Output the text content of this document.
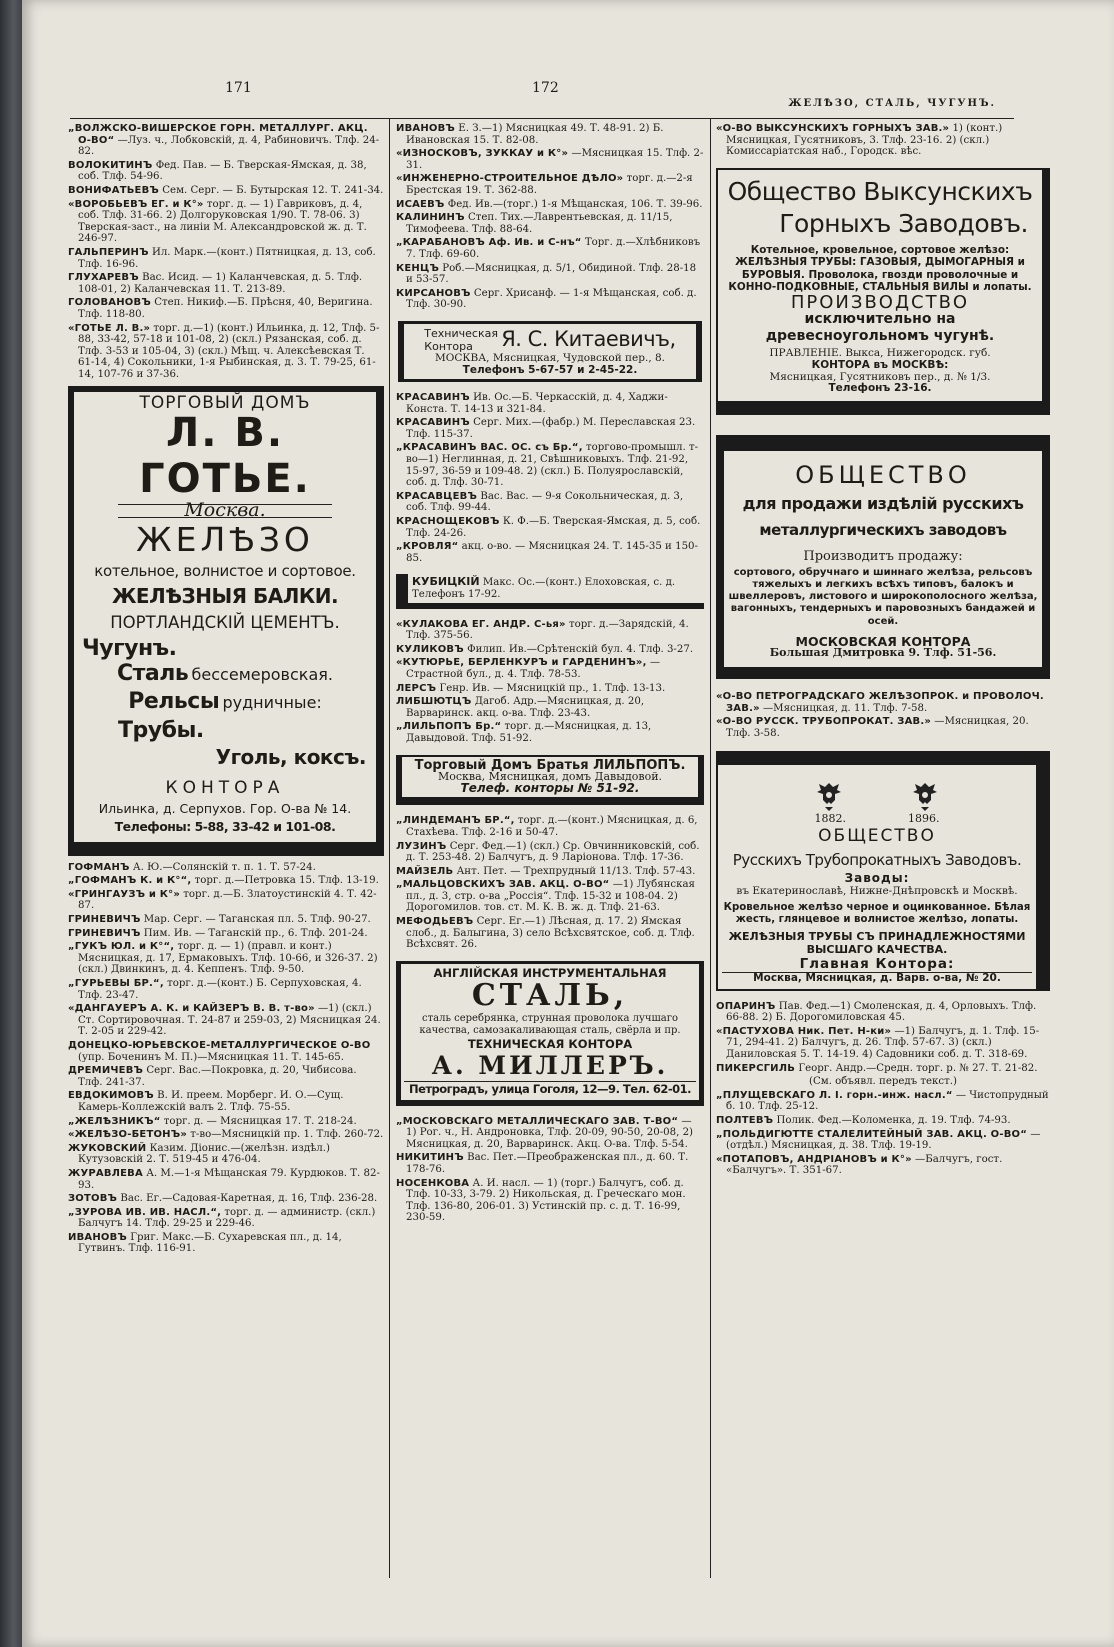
171	172
ЖЕЛѢЗО, СТАЛЬ, ЧУГУНЪ.

„ВОЛЖСКО-ВИШЕРСКОЕ ГОРН. МЕТАЛЛУРГ. АКЦ. О-ВО“ —Луз. ч., Лобковскій, д. 4, Рабиновичъ. Тлф. 24-82.

ВОЛОКИТИНЪ Фед. Пав. — Б. Тверская-Ямская, д. 38, соб. Тлф. 54-96.

ВОНИФАТЬЕВЪ Сем. Серг. — Б. Бутырская 12. Т. 241-34.

«ВОРОБЬЕВЪ ЕГ. и К°» торг. д. — 1) Гавриковъ, д. 4, соб. Тлф. 31-66. 2) Долгоруковская 1/90. Т. 78-06. 3) Тверская-заст., на линіи М. Александровской ж. д. Т. 246-97.

ГАЛЬПЕРИНЪ Ил. Марк.—(конт.) Пятницкая, д. 13, соб. Тлф. 16-96.

ГЛУХАРЕВЪ Вас. Исид. — 1) Каланчевская, д. 5. Тлф. 108-01, 2) Каланчевская 11. Т. 213-89.

ГОЛОВАНОВЪ Степ. Никиф.—Б. Прѣсня, 40, Веригина. Тлф. 118-80.

«ГОТЬЕ Л. В.» торг. д.—1) (конт.) Ильинка, д. 12, Тлф. 5-88, 33-42, 57-18 и 101-08, 2) (скл.) Рязанская, соб. д. Тлф. 3-53 и 105-04, 3) (скл.) Мѣщ. ч. Алексѣевская Т. 61-14, 4) Сокольники, 1-я Рыбинская, д. 3. Т. 79-25, 61-14, 107-76 и 37-36.

ТОРГОВЫЙ ДОМЪ

Л. В. ГОТЬЕ.

Москва.

ЖЕЛѢЗО

котельное, волнистое и сортовое.

ЖЕЛѢЗНЫЯ БАЛКИ.

ПОРТЛАНДСКІЙ ЦЕМЕНТЪ.

Чугунъ.

Сталь бессемеровская.

Рельсы рудничные:

Трубы.

Уголь, коксъ.

КОНТОРА

Ильинка, д. Серпухов. Гор. О-ва № 14.

Телефоны: 5-88, 33-42 и 101-08.

ГОФМАНЪ А. Ю.—Солянскій т. п. 1. Т. 57-24.

„ГОФМАНЪ К. и К°“, торг. д.—Петровка 15. Тлф. 13-19.

«ГРИНГАУЗЪ и К°» торг. д.—Б. Златоустинскій 4. Т. 42-87.

ГРИНЕВИЧЪ Мар. Серг. — Таганская пл. 5. Тлф. 90-27.

ГРИНЕВИЧЪ Пим. Ив. — Таганскій пр., 6. Тлф. 201-24.

„ГУКЪ ЮЛ. и К°“, торг. д. — 1) (правл. и конт.) Мясницкая, д. 17, Ермаковыхъ. Тлф. 10-66, и 326-37. 2) (скл.) Двинкинъ, д. 4. Кеппенъ. Тлф. 9-50.

„ГУРЬЕВЫ БР.“, торг. д.—(конт.) Б. Серпуховская, 4. Тлф. 23-47.

«ДАНГАУЕРЪ А. К. и КАЙЗЕРЪ В. В. т-во» —1) (скл.) Ст. Сортировочная. Т. 24-87 и 259-03, 2) Мясницкая 24. Т. 2-05 и 229-42.

ДОНЕЦКО-ЮРЬЕВСКОЕ-МЕТАЛЛУРГИЧЕСКОЕ О-ВО (упр. Боченинъ М. П.)—Мясницкая 11. Т. 145-65.

ДРЕМИЧЕВЪ Серг. Вас.—Покровка, д. 20, Чибисова. Тлф. 241-37.

ЕВДОКИМОВЪ В. И. преем. Морберг. И. О.—Сущ. Камерь-Коллежскій валъ 2. Тлф. 75-55.

„ЖЕЛѢЗНИКЪ“ торг. д. — Мясницкая 17. Т. 218-24.

«ЖЕЛѢЗО-БЕТОНЪ» т-во—Мясницкій пр. 1. Тлф. 260-72.

ЖУКОВСКИЙ Казим. Діонис.—(желѣзн. издѣл.) Кутузовскій 2. Т. 519-45 и 476-04.

ЖУРАВЛЕВА А. М.—1-я Мѣщанская 79. Курдюков. Т. 82-93.

ЗОТОВЪ Вас. Ег.—Садовая-Каретная, д. 16, Тлф. 236-28.

„ЗУРОВА ИВ. ИВ. НАСЛ.“, торг. д. — администр. (скл.) Балчугъ 14. Тлф. 29-25 и 229-46.

ИВАНОВЪ Григ. Макс.—Б. Сухаревская пл., д. 14, Гутвинъ. Тлф. 116-91.

ИВАНОВЪ Е. З.—1) Мясницкая 49. Т. 48-91. 2) Б. Ивановская 15. Т. 82-08.

«ИЗНОСКОВЪ, ЗУККАУ и К°» —Мясницкая 15. Тлф. 2-31.

«ИНЖЕНЕРНО-СТРОИТЕЛЬНОЕ ДѢЛО» торг. д.—2-я Брестская 19. Т. 362-88.

ИСАЕВЪ Фед. Ив.—(торг.) 1-я Мѣщанская, 106. Т. 39-96.

КАЛИНИНЪ Степ. Тих.—Лаврентьевская, д. 11/15, Тимофеева. Тлф. 88-64.

„КАРАБАНОВЪ Аф. Ив. и С-нъ“ Торг. д.—Хлѣбниковъ 7. Тлф. 69-60.

КЕНЦЪ Роб.—Мясницкая, д. 5/1, Обидиной. Тлф. 28-18 и 53-57.

КИРСАНОВЪ Серг. Хрисанф. — 1-я Мѣщанская, соб. д. Тлф. 30-90.

Техническая
Контора Я. С. Китаевичъ,

МОСКВА, Мясницкая, Чудовской пер., 8.

Телефонъ 5-67-57 и 2-45-22.

КРАСАВИНЪ Ив. Ос.—Б. Черкасскій, д. 4, Хаджи-Конста. Т. 14-13 и 321-84.

КРАСАВИНЪ Серг. Мих.—(фабр.) М. Переславская 23. Тлф. 115-37.

„КРАСАВИНЪ ВАС. ОС. съ Бр.“, торгово-промышл. т-во—1) Неглинная, д. 21, Свѣшниковыхъ. Тлф. 21-92, 15-97, 36-59 и 109-48. 2) (скл.) Б. Полуярославскій, соб. д. Тлф. 30-71.

КРАСАВЦЕВЪ Вас. Вас. — 9-я Сокольническая, д. 3, соб. Тлф. 99-44.

КРАСНОЩЕКОВЪ К. Ф.—Б. Тверская-Ямская, д. 5, соб. Тлф. 24-26.

„КРОВЛЯ“ акц. о-во. — Мясницкая 24. Т. 145-35 и 150-85.

КУБИЦКІЙ Макс. Ос.—(конт.) Елоховская, с. д. Телефонъ 17-92.

«КУЛАКОВА ЕГ. АНДР. С-ья» торг. д.—Зарядскій, 4. Тлф. 375-56.

КУЛИКОВЪ Филип. Ив.—Срѣтенскій бул. 4. Тлф. 3-27.

«КУТЮРЬЕ, БЕРЛЕНКУРЪ и ГАРДЕНИНЪ», —Страстной бул., д. 4. Тлф. 78-53.

ЛЕРСЪ Генр. Ив. — Мясницкій пр., 1. Тлф. 13-13.

ЛИБШЮТЦЪ Дагоб. Адр.—Мясницкая, д. 20, Варваринск. акц. о-ва. Тлф. 23-43.

„ЛИЛЬПОПЪ Бр.“ торг. д.—Мясницкая, д. 13, Давыдовой. Тлф. 51-92.

Торговый Домъ Братья ЛИЛЬПОПЪ.

Москва, Мясницкая, домъ Давыдовой.

Телеф. конторы № 51-92.

„ЛИНДЕМАНЪ БР.“, торг. д.—(конт.) Мясницкая, д. 6, Стахѣева. Тлф. 2-16 и 50-47.

ЛУЗИНЪ Серг. Фед.—1) (скл.) Ср. Овчинниковскій, соб. д. Т. 253-48. 2) Балчугъ, д. 9 Ларіонова. Тлф. 17-36.

МАЙЗЕЛЬ Ант. Пет. — Трехпрудный 11/13. Тлф. 57-43.

„МАЛЬЦОВСКИХЪ ЗАВ. АКЦ. О-ВО“ —1) Лубянская пл., д. 3, стр. о-ва „Россія“. Тлф. 15-32 и 108-04. 2) Дорогомилов. тов. ст. М. К. В. ж. д. Тлф. 21-63.

МЕФОДЬЕВЪ Серг. Ег.—1) Лѣсная, д. 17. 2) Ямская слоб., д. Балыгина, 3) село Всѣхсвятское, соб. д. Тлф. Всѣхсвят. 26.

АНГЛІЙСКАЯ ИНСТРУМЕНТАЛЬНАЯ

СТАЛЬ,

сталь серебрянка, струнная проволока лучшаго качества, самозакаливающая сталь, свёрла и пр.

ТЕХНИЧЕСКАЯ КОНТОРА

А. МИЛЛЕРЪ.

Петроградъ, улица Гоголя, 12—9. Тел. 62-01.

„МОСКОВСКАГО МЕТАЛЛИЧЕСКАГО ЗАВ. Т-ВО“ — 1) Рог. ч., Н. Андроновка, Тлф. 20-09, 90-50, 20-08, 2) Мясницкая, д. 20, Варваринск. Акц. О-ва. Тлф. 5-54.

НИКИТИНЪ Вас. Пет.—Преображенская пл., д. 60. Т. 178-76.

НОСЕНКОВА А. И. насл. — 1) (торг.) Балчугъ, соб. д. Тлф. 10-33, 3-79. 2) Никольская, д. Греческаго мон. Тлф. 136-80, 206-01. 3) Устинскій пр. с. д. Т. 16-99, 230-59.

«О-ВО ВЫКСУНСКИХЪ ГОРНЫХЪ ЗАВ.» 1) (конт.) Мясницкая, Гусятниковъ, 3. Тлф. 23-16. 2) (скл.) Комиссаріатская наб., Городск. вѣс.

Общество Выксунскихъ

Горныхъ Заводовъ.

Котельное, кровельное, сортовое желѣзо: ЖЕЛѢЗНЫЯ ТРУБЫ: ГАЗОВЫЯ, ДЫМОГАРНЫЯ и БУРОВЫЯ. Проволока, гвозди проволочные и КОННО-ПОДКОВНЫЕ, СТАЛЬНЫЯ ВИЛЫ и лопаты.

ПРОИЗВОДСТВО

исключительно на древесноугольномъ чугунѣ.

ПРАВЛЕНІЕ. Выкса, Нижегородск. губ.

КОНТОРА въ МОСКВѢ:

Мясницкая, Гусятниковъ пер., д. № 1/3.

Телефонъ 23-16.

ОБЩЕСТВО

для продажи издѣлій русскихъ

металлургическихъ заводовъ

Производитъ продажу:

сортового, обручнаго и шиннаго желѣза, рельсовъ тяжелыхъ и легкихъ всѣхъ типовъ, балокъ и швеллеровъ, листового и широкополосного желѣза, вагонныхъ, тендерныхъ и паровозныхъ бандажей и осей.

МОСКОВСКАЯ КОНТОРА

Большая Дмитровка 9. Тлф. 51-56.

«О-ВО ПЕТРОГРАДСКАГО ЖЕЛѢЗОПРОК. и ПРОВОЛОЧ. ЗАВ.» —Мясницкая, д. 11. Тлф. 7-58.

«О-ВО РУССК. ТРУБОПРОКАТ. ЗАВ.» —Мясницкая, 20. Тлф. 3-58.

1882.	1896.

ОБЩЕСТВО

Русскихъ Трубопрокатныхъ Заводовъ.

Заводы:

въ Екатеринославѣ, Нижне-Днѣпровскѣ и Москвѣ.

Кровельное желѣзо черное и оцинкованное. Бѣлая жесть, глянцевое и волнистое желѣзо, лопаты.

ЖЕЛѢЗНЫЯ ТРУБЫ СЪ ПРИНАДЛЕЖНОСТЯМИ ВЫСШАГО КАЧЕСТВА.

Главная Контора:

Москва, Мясницкая, д. Варв. о-ва, № 20.

ОПАРИНЪ Пав. Фед.—1) Смоленская, д. 4, Орловыхъ. Тлф. 66-88. 2) Б. Дорогомиловская 45.

«ПАСТУХОВА Ник. Пет. Н-ки» —1) Балчугъ, д. 1. Тлф. 15-71, 294-41. 2) Балчугъ, д. 26. Тлф. 57-67. 3) (скл.) Даниловская 5. Т. 14-19. 4) Садовники соб. д. Т. 318-69.

ПИКЕРСГИЛЬ Георг. Андр.—Средн. торг. р. № 27. Т. 21-82.

(См. объявл. передъ текст.)

„ПЛУЩЕВСКАГО Л. І. горн.-инж. насл.“ — Чистопрудный б. 10. Тлф. 25-12.

ПОЛТЕВЪ Полик. Фед.—Коломенка, д. 19. Тлф. 74-93.

„ПОЛЬДИГЮТТЕ СТАЛЕЛИТЕЙНЫЙ ЗАВ. АКЦ. О-ВО“ —(отдѣл.) Мясницкая, д. 38. Тлф. 19-19.

«ПОТАПОВЪ, АНДРІАНОВЪ и К°» —Балчугъ, гост. «Балчугъ». Т. 351-67.
